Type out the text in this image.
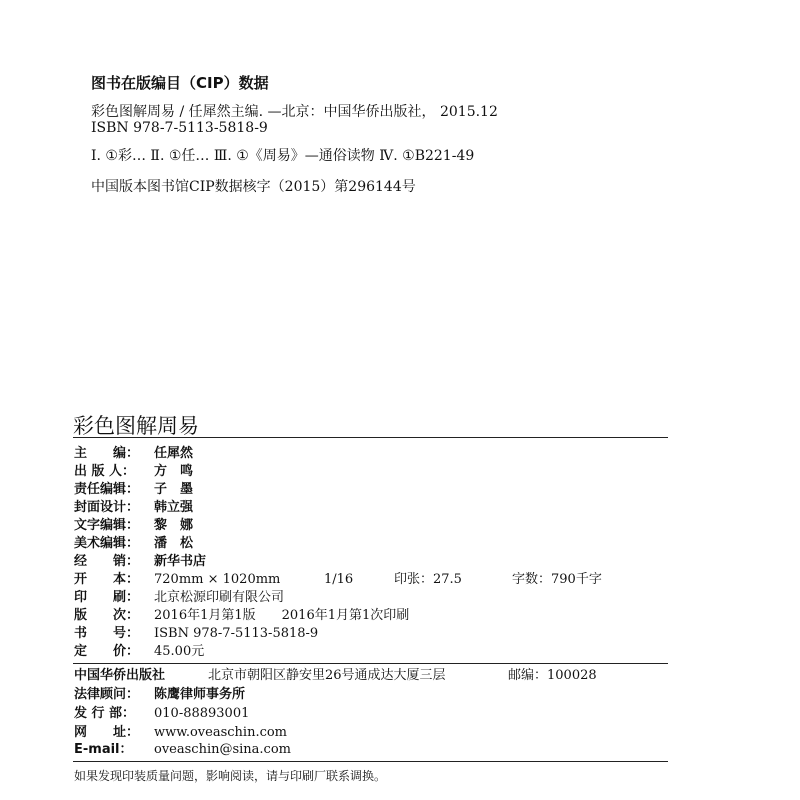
图书在版编目（CIP）数据
彩色图解周易 / 任犀然主编. —北京：中国华侨出版社， 2015.12
ISBN 978-7-5113-5818-9
Ⅰ. ①彩… Ⅱ. ①任… Ⅲ. ①《周易》—通俗读物 Ⅳ. ①B221-49
中国版本图书馆CIP数据核字（2015）第296144号
彩色图解周易
主　　编： 任犀然
出 版 人： 方　鸣
责任编辑： 子　墨
封面设计： 韩立强
文字编辑： 黎　娜
美术编辑： 潘　松
经　　销： 新华书店
开　　本： 720mm × 1020mm	1/16	印张：27.5	字数：790千字
印　　刷： 北京松源印刷有限公司
版　　次： 2016年1月第1版　　2016年1月第1次印刷
书　　号： ISBN 978-7-5113-5818-9
定　　价： 45.00元
中国华侨出版社	北京市朝阳区静安里26号通成达大厦三层	邮编：100028
法律顾问： 陈鹰律师事务所
发 行 部： 010-88893001
网　　址： www.oveaschin.com
E-mail： oveaschin@sina.com
如果发现印装质量问题，影响阅读，请与印刷厂联系调换。
